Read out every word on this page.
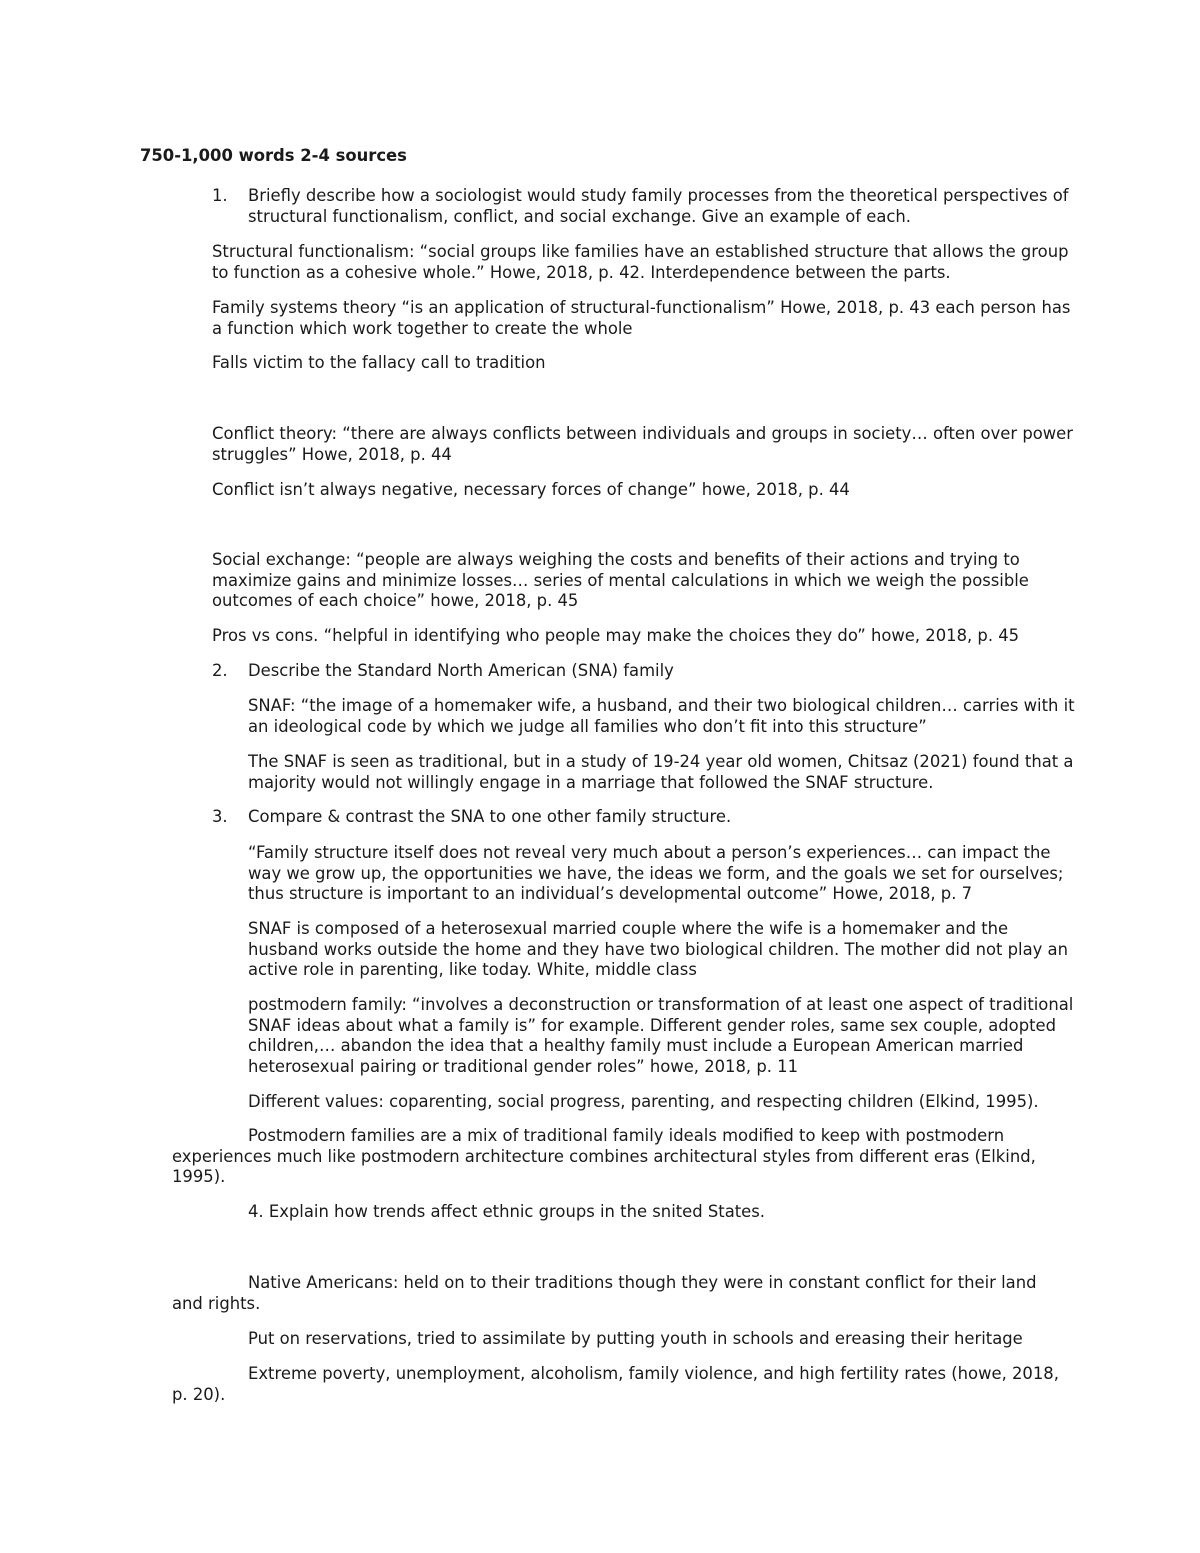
750-1,000 words 2-4 sources

1.	Briefly describe how a sociologist would study family processes from the theoretical perspectives of structural functionalism, conflict, and social exchange. Give an example of each.

Structural functionalism: “social groups like families have an established structure that allows the group to function as a cohesive whole.” Howe, 2018, p. 42. Interdependence between the parts.

Family systems theory “is an application of structural-functionalism” Howe, 2018, p. 43 each person has a function which work together to create the whole

Falls victim to the fallacy call to tradition

Conflict theory: “there are always conflicts between individuals and groups in society… often over power struggles” Howe, 2018, p. 44

Conflict isn’t always negative, necessary forces of change” howe, 2018, p. 44

Social exchange: “people are always weighing the costs and benefits of their actions and trying to maximize gains and minimize losses… series of mental calculations in which we weigh the possible outcomes of each choice” howe, 2018, p. 45

Pros vs cons. “helpful in identifying who people may make the choices they do” howe, 2018, p. 45

2.	Describe the Standard North American (SNA) family

SNAF: “the image of a homemaker wife, a husband, and their two biological children… carries with it an ideological code by which we judge all families who don’t fit into this structure”

The SNAF is seen as traditional, but in a study of 19-24 year old women, Chitsaz (2021) found that a majority would not willingly engage in a marriage that followed the SNAF structure.

3.	Compare & contrast the SNA to one other family structure.

“Family structure itself does not reveal very much about a person’s experiences… can impact the way we grow up, the opportunities we have, the ideas we form, and the goals we set for ourselves; thus structure is important to an individual’s developmental outcome” Howe, 2018, p. 7

SNAF is composed of a heterosexual married couple where the wife is a homemaker and the husband works outside the home and they have two biological children. The mother did not play an active role in parenting, like today. White, middle class

postmodern family: “involves a deconstruction or transformation of at least one aspect of traditional SNAF ideas about what a family is” for example. Different gender roles, same sex couple, adopted children,… abandon the idea that a healthy family must include a European American married heterosexual pairing or traditional gender roles” howe, 2018, p. 11

Different values: coparenting, social progress, parenting, and respecting children (Elkind, 1995).

Postmodern families are a mix of traditional family ideals modified to keep with postmodern experiences much like postmodern architecture combines architectural styles from different eras (Elkind, 1995).

4. Explain how trends affect ethnic groups in the snited States.

Native Americans: held on to their traditions though they were in constant conflict for their land and rights.

Put on reservations, tried to assimilate by putting youth in schools and ereasing their heritage

Extreme poverty, unemployment, alcoholism, family violence, and high fertility rates (howe, 2018, p. 20).
